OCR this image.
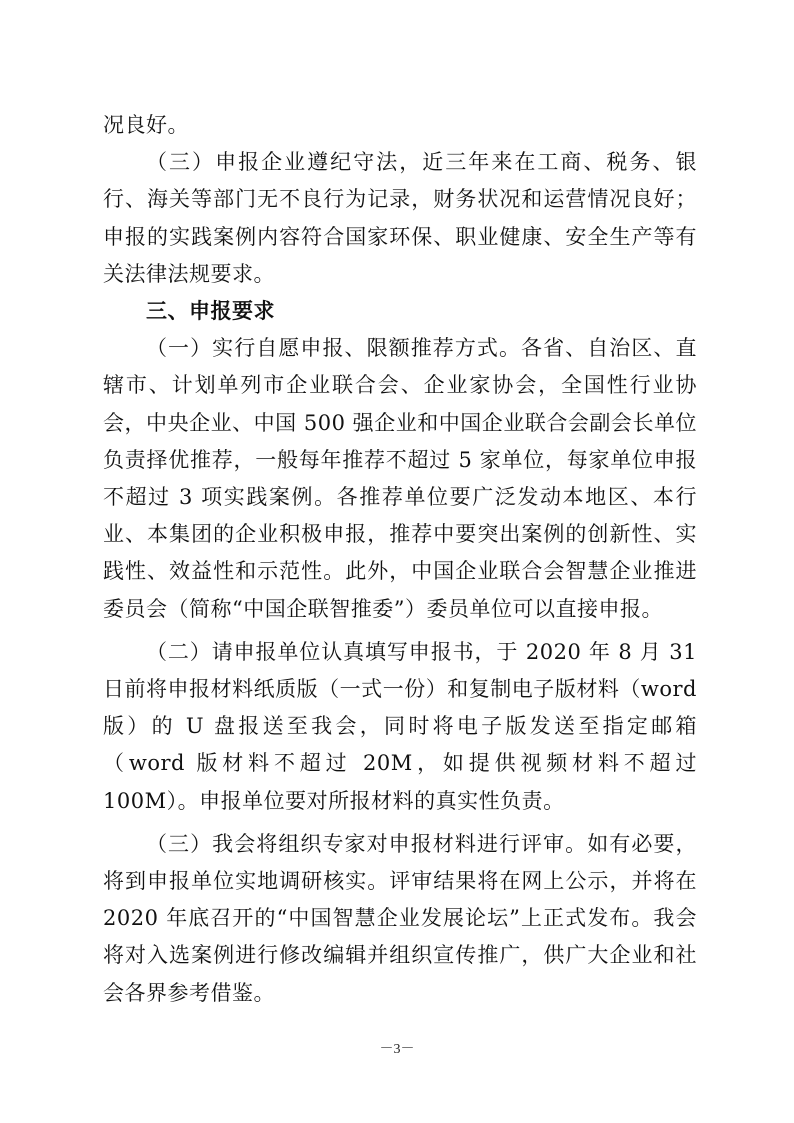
况良好。

（三）申报企业遵纪守法，近三年来在工商、税务、银行、海关等部门无不良行为记录，财务状况和运营情况良好；申报的实践案例内容符合国家环保、职业健康、安全生产等有关法律法规要求。

三、申报要求

（一）实行自愿申报、限额推荐方式。各省、自治区、直辖市、计划单列市企业联合会、企业家协会，全国性行业协会，中央企业、中国 500 强企业和中国企业联合会副会长单位负责择优推荐，一般每年推荐不超过 5 家单位，每家单位申报不超过 3 项实践案例。各推荐单位要广泛发动本地区、本行业、本集团的企业积极申报，推荐中要突出案例的创新性、实践性、效益性和示范性。此外，中国企业联合会智慧企业推进委员会（简称“中国企联智推委”）委员单位可以直接申报。

（二）请申报单位认真填写申报书，于 2020 年 8 月 31 日前将申报材料纸质版（一式一份）和复制电子版材料（word 版）的 U 盘报送至我会，同时将电子版发送至指定邮箱（word 版材料不超过 20M，如提供视频材料不超过 100M）。申报单位要对所报材料的真实性负责。

（三）我会将组织专家对申报材料进行评审。如有必要，将到申报单位实地调研核实。评审结果将在网上公示，并将在 2020 年底召开的“中国智慧企业发展论坛”上正式发布。我会将对入选案例进行修改编辑并组织宣传推广，供广大企业和社会各界参考借鉴。

－3－
